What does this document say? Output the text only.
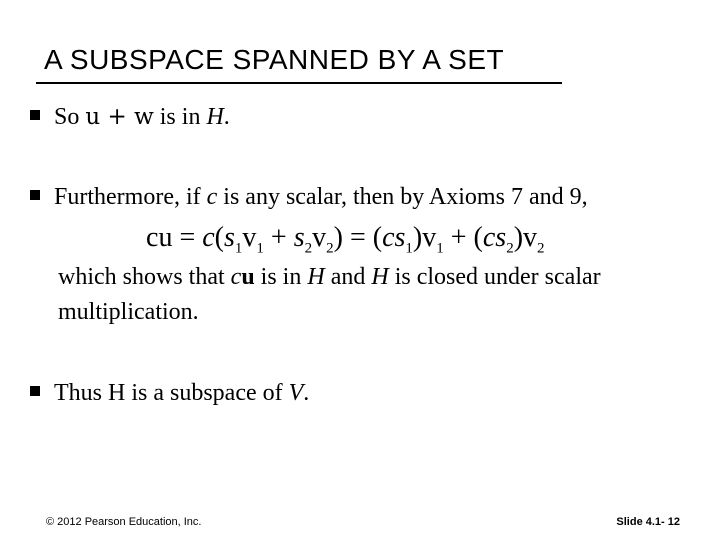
A SUBSPACE SPANNED BY A SET
So u + w is in H.
Furthermore, if c is any scalar, then by Axioms 7 and 9,
cu = $c(s_1v_1 + s_2v_2) = (cs_1)v_1 + (cs_2)v_2$
which shows that cu is in H and H is closed under scalar
multiplication.
Thus H is a subspace of V.
© 2012 Pearson Education, Inc.	Slide 4.1- 12
